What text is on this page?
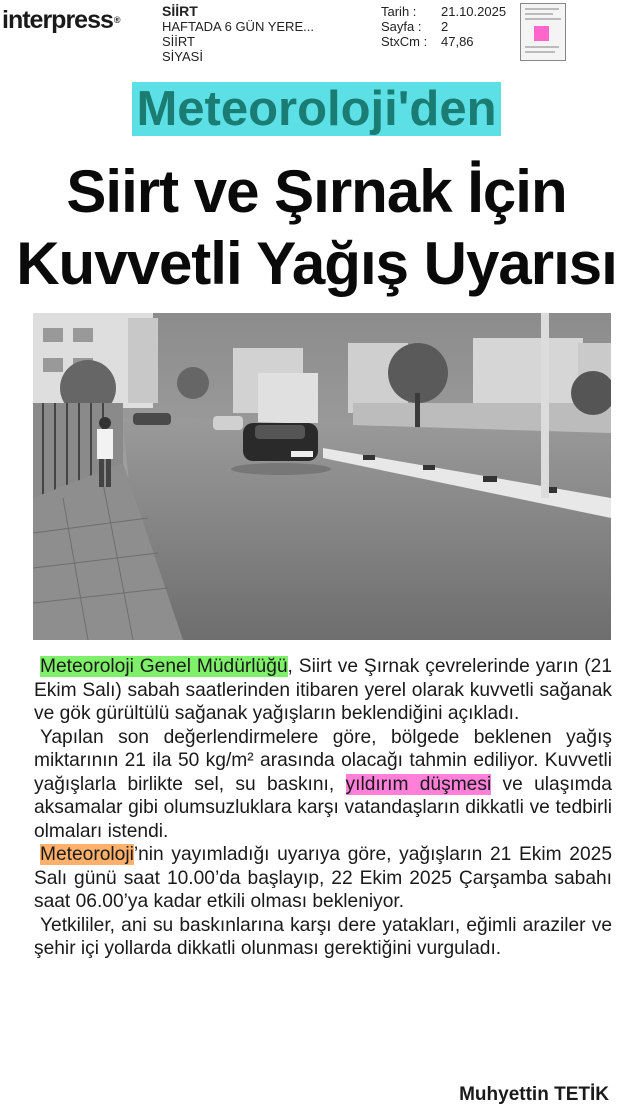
interpress®
SİİRT
HAFTADA 6 GÜN YERE...
SİİRT
SİYASİ
Tarih :	21.10.2025
Sayfa :	2
StxCm :	47,86
Meteoroloji'den
Siirt ve Şırnak İçin
Kuvvetli Yağış Uyarısı

Meteoroloji Genel Müdürlüğü, Siirt ve Şırnak çevrelerinde yarın (21 Ekim Salı) sabah saatlerinden itibaren yerel olarak kuvvetli sağanak ve gök gürültülü sağanak yağışların beklendiğini açıkladı.

Yapılan son değerlendirmelere göre, bölgede beklenen yağış miktarının 21 ila 50 kg/m² arasında olacağı tahmin ediliyor. Kuvvetli yağışlarla birlikte sel, su baskını, yıldırım düşmesi ve ulaşımda aksamalar gibi olumsuzluklara karşı vatandaşların dikkatli ve tedbirli olmaları istendi.

Meteoroloji’nin yayımladığı uyarıya göre, yağışların 21 Ekim 2025 Salı günü saat 10.00’da başlayıp, 22 Ekim 2025 Çarşamba sabahı saat 06.00’ya kadar etkili olması bekleniyor.

Yetkililer, ani su baskınlarına karşı dere yatakları, eğimli araziler ve şehir içi yollarda dikkatli olunması gerektiğini vurguladı.

Muhyettin TETİK
